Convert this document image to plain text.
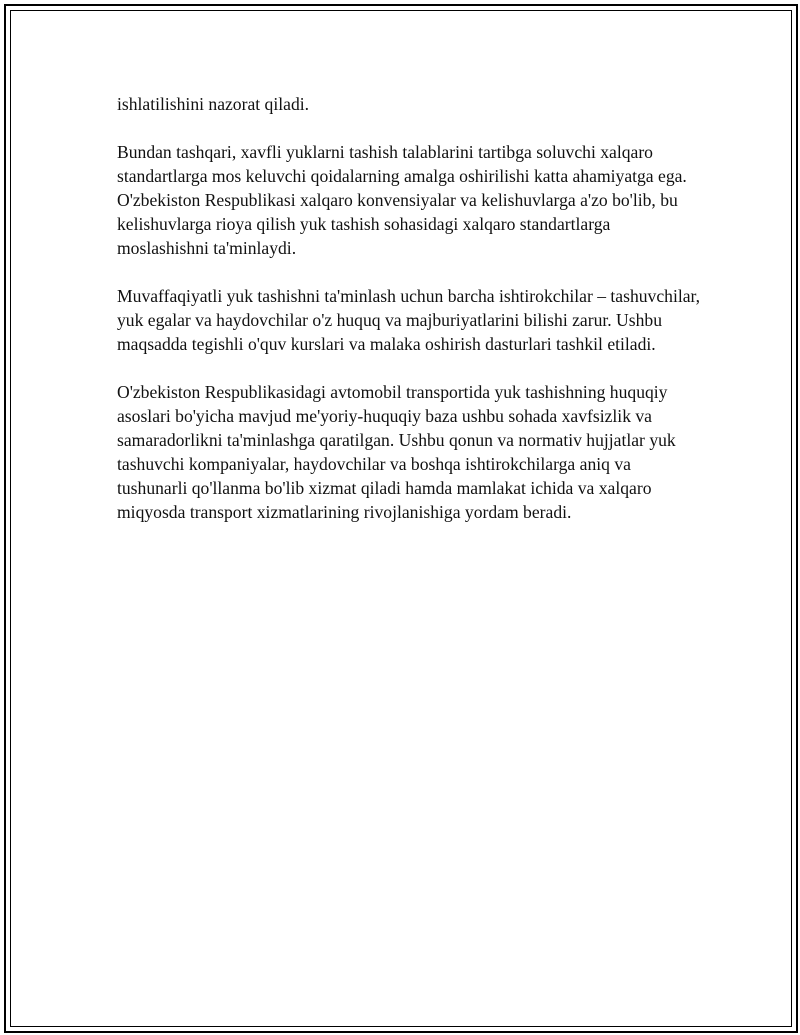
ishlatilishini nazorat qiladi.

Bundan tashqari, xavfli yuklarni tashish talablarini tartibga soluvchi xalqaro standartlarga mos keluvchi qoidalarning amalga oshirilishi katta ahamiyatga ega. O'zbekiston Respublikasi xalqaro konvensiyalar va kelishuvlarga a'zo bo'lib, bu kelishuvlarga rioya qilish yuk tashish sohasidagi xalqaro standartlarga moslashishni ta'minlaydi.

Muvaffaqiyatli yuk tashishni ta'minlash uchun barcha ishtirokchilar – tashuvchilar, yuk egalar va haydovchilar o'z huquq va majburiyatlarini bilishi zarur. Ushbu maqsadda tegishli o'quv kurslari va malaka oshirish dasturlari tashkil etiladi.

O'zbekiston Respublikasidagi avtomobil transportida yuk tashishning huquqiy asoslari bo'yicha mavjud me'yoriy-huquqiy baza ushbu sohada xavfsizlik va samaradorlikni ta'minlashga qaratilgan. Ushbu qonun va normativ hujjatlar yuk tashuvchi kompaniyalar, haydovchilar va boshqa ishtirokchilarga aniq va tushunarli qo'llanma bo'lib xizmat qiladi hamda mamlakat ichida va xalqaro miqyosda transport xizmatlarining rivojlanishiga yordam beradi.
